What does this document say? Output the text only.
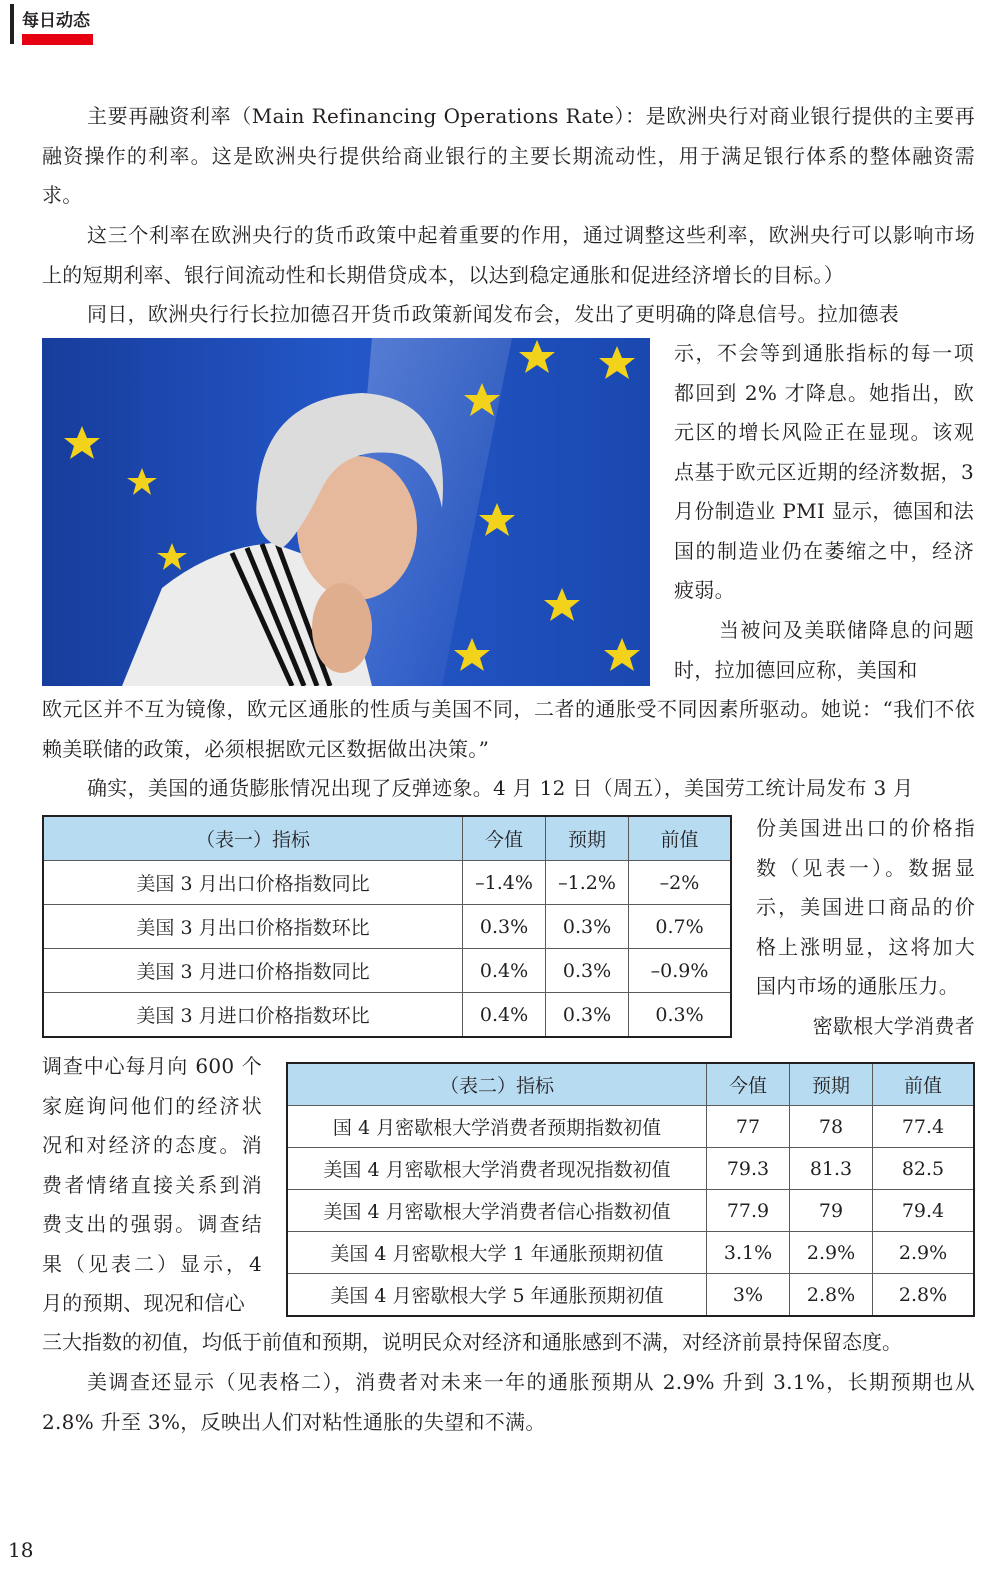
每日动态

主要再融资利率（Main Refinancing Operations Rate）：是欧洲央行对商业银行提供的主要再融资操作的利率。这是欧洲央行提供给商业银行的主要长期流动性，用于满足银行体系的整体融资需求。

这三个利率在欧洲央行的货币政策中起着重要的作用，通过调整这些利率，欧洲央行可以影响市场上的短期利率、银行间流动性和长期借贷成本，以达到稳定通胀和促进经济增长的目标。）

同日，欧洲央行行长拉加德召开货币政策新闻发布会，发出了更明确的降息信号。拉加德表

示，不会等到通胀指标的每一项都回到 2% 才降息。她指出，欧元区的增长风险正在显现。该观点基于欧元区近期的经济数据，3 月份制造业 PMI 显示，德国和法国的制造业仍在萎缩之中，经济疲弱。

当被问及美联储降息的问题时，拉加德回应称，美国和

欧元区并不互为镜像，欧元区通胀的性质与美国不同，二者的通胀受不同因素所驱动。她说：“我们不依赖美联储的政策，必须根据欧元区数据做出决策。”

确实，美国的通货膨胀情况出现了反弹迹象。4 月 12 日（周五），美国劳工统计局发布 3 月

（表一）指标	今值	预期	前值
美国 3 月出口价格指数同比	–1.4%	–1.2%	–2%
美国 3 月出口价格指数环比	0.3%	0.3%	0.7%
美国 3 月进口价格指数同比	0.4%	0.3%	–0.9%
美国 3 月进口价格指数环比	0.4%	0.3%	0.3%

份美国进出口的价格指数（见表一）。数据显示，美国进口商品的价格上涨明显，这将加大国内市场的通胀压力。

密歇根大学消费者

调查中心每月向 600 个家庭询问他们的经济状况和对经济的态度。消费者情绪直接关系到消费支出的强弱。调查结果（见表二）显示，4 月的预期、现况和信心

（表二）指标	今值	预期	前值
国 4 月密歇根大学消费者预期指数初值	77	78	77.4
美国 4 月密歇根大学消费者现况指数初值	79.3	81.3	82.5
美国 4 月密歇根大学消费者信心指数初值	77.9	79	79.4
美国 4 月密歇根大学 1 年通胀预期初值	3.1%	2.9%	2.9%
美国 4 月密歇根大学 5 年通胀预期初值	3%	2.8%	2.8%

三大指数的初值，均低于前值和预期，说明民众对经济和通胀感到不满，对经济前景持保留态度。

美调查还显示（见表格二），消费者对未来一年的通胀预期从 2.9% 升到 3.1%，长期预期也从 2.8% 升至 3%，反映出人们对粘性通胀的失望和不满。

18
